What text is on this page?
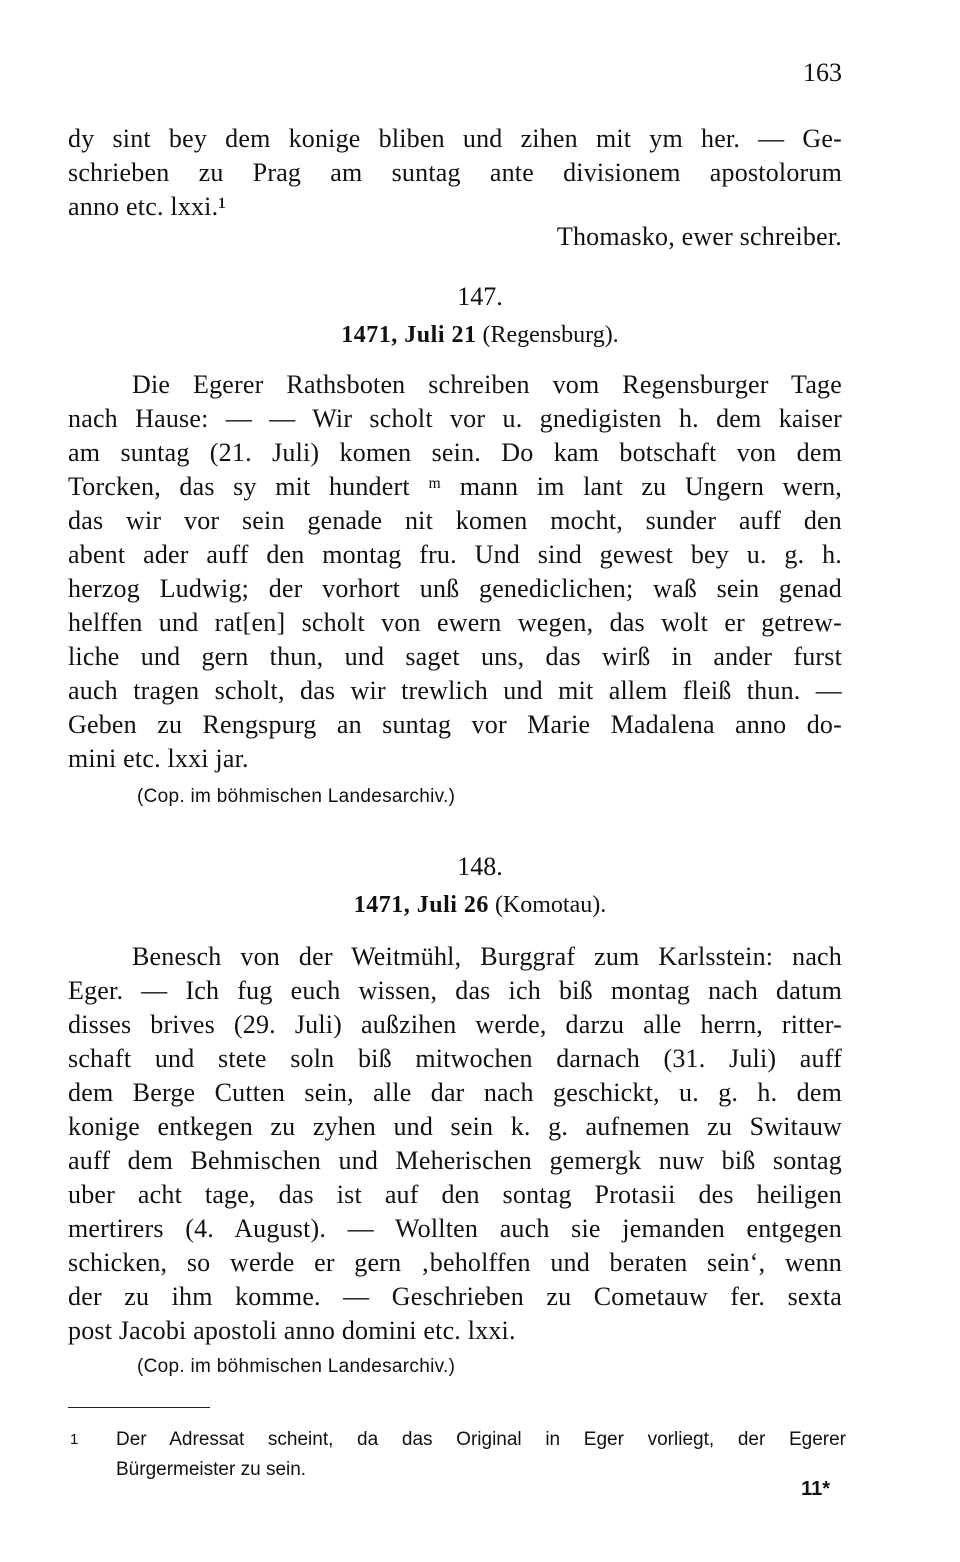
163
dy sint bey dem konige bliben und zihen mit ym her. — Ge-
schrieben zu Prag am suntag ante divisionem apostolorum
anno etc. lxxi.¹
Thomasko, ewer schreiber.
147.
1471, Juli 21 (Regensburg).
Die Egerer Rathsboten schreiben vom Regensburger Tage
nach Hause: — — Wir scholt vor u. gnedigisten h. dem kaiser
am suntag (21. Juli) komen sein. Do kam botschaft von dem
Torcken, das sy mit hundert ᵐ mann im lant zu Ungern wern,
das wir vor sein genade nit komen mocht, sunder auff den
abent ader auff den montag fru. Und sind gewest bey u. g. h.
herzog Ludwig; der vorhort unß genediclichen; waß sein genad
helffen und rat[en] scholt von ewern wegen, das wolt er getrew-
liche und gern thun, und saget uns, das wirß in ander furst
auch tragen scholt, das wir trewlich und mit allem fleiß thun. —
Geben zu Rengspurg an suntag vor Marie Madalena anno do-
mini etc. lxxi jar.
(Cop. im böhmischen Landesarchiv.)
148.
1471, Juli 26 (Komotau).
Benesch von der Weitmühl, Burggraf zum Karlsstein: nach
Eger. — Ich fug euch wissen, das ich biß montag nach datum
disses brives (29. Juli) außzihen werde, darzu alle herrn, ritter-
schaft und stete soln biß mitwochen darnach (31. Juli) auff
dem Berge Cutten sein, alle dar nach geschickt, u. g. h. dem
konige entkegen zu zyhen und sein k. g. aufnemen zu Switauw
auff dem Behmischen und Meherischen gemergk nuw biß sontag
uber acht tage, das ist auf den sontag Protasii des heiligen
mertirers (4. August). — Wollten auch sie jemanden entgegen
schicken, so werde er gern ‚beholffen und beraten sein‘, wenn
der zu ihm komme. — Geschrieben zu Cometauw fer. sexta
post Jacobi apostoli anno domini etc. lxxi.
(Cop. im böhmischen Landesarchiv.)
1 Der Adressat scheint, da das Original in Eger vorliegt, der Egerer
Bürgermeister zu sein.
11*
